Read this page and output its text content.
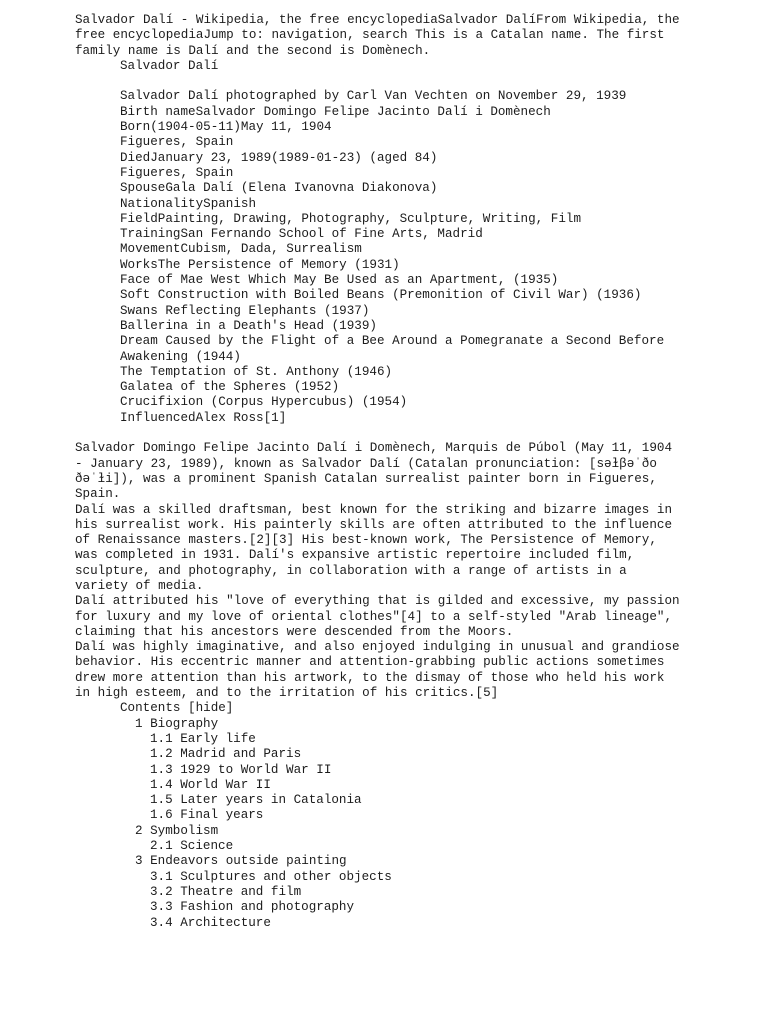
Salvador Dalí - Wikipedia, the free encyclopediaSalvador DalíFrom Wikipedia, the
free encyclopediaJump to: navigation, search This is a Catalan name. The first
family name is Dalí and the second is Domènech.
Salvador Dalí
Salvador Dalí photographed by Carl Van Vechten on November 29, 1939
Birth nameSalvador Domingo Felipe Jacinto Dalí i Domènech
Born(1904-05-11)May 11, 1904
Figueres, Spain
DiedJanuary 23, 1989(1989-01-23) (aged 84)
Figueres, Spain
SpouseGala Dalí (Elena Ivanovna Diakonova)
NationalitySpanish
FieldPainting, Drawing, Photography, Sculpture, Writing, Film
TrainingSan Fernando School of Fine Arts, Madrid
MovementCubism, Dada, Surrealism
WorksThe Persistence of Memory (1931)
Face of Mae West Which May Be Used as an Apartment, (1935)
Soft Construction with Boiled Beans (Premonition of Civil War) (1936)
Swans Reflecting Elephants (1937)
Ballerina in a Death's Head (1939)
Dream Caused by the Flight of a Bee Around a Pomegranate a Second Before
Awakening (1944)
The Temptation of St. Anthony (1946)
Galatea of the Spheres (1952)
Crucifixion (Corpus Hypercubus) (1954)
InfluencedAlex Ross[1]
Salvador Domingo Felipe Jacinto Dalí i Domènech, Marquis de Púbol (May 11, 1904
- January 23, 1989), known as Salvador Dalí (Catalan pronunciation: [səɫβəˈðo
ðəˈɫi]), was a prominent Spanish Catalan surrealist painter born in Figueres,
Spain.
Dalí was a skilled draftsman, best known for the striking and bizarre images in
his surrealist work. His painterly skills are often attributed to the influence
of Renaissance masters.[2][3] His best-known work, The Persistence of Memory,
was completed in 1931. Dalí's expansive artistic repertoire included film,
sculpture, and photography, in collaboration with a range of artists in a
variety of media.
Dalí attributed his "love of everything that is gilded and excessive, my passion
for luxury and my love of oriental clothes"[4] to a self-styled "Arab lineage",
claiming that his ancestors were descended from the Moors.
Dalí was highly imaginative, and also enjoyed indulging in unusual and grandiose
behavior. His eccentric manner and attention-grabbing public actions sometimes
drew more attention than his artwork, to the dismay of those who held his work
in high esteem, and to the irritation of his critics.[5]
Contents [hide]
1 Biography
1.1 Early life
1.2 Madrid and Paris
1.3 1929 to World War II
1.4 World War II
1.5 Later years in Catalonia
1.6 Final years
2 Symbolism
2.1 Science
3 Endeavors outside painting
3.1 Sculptures and other objects
3.2 Theatre and film
3.3 Fashion and photography
3.4 Architecture
